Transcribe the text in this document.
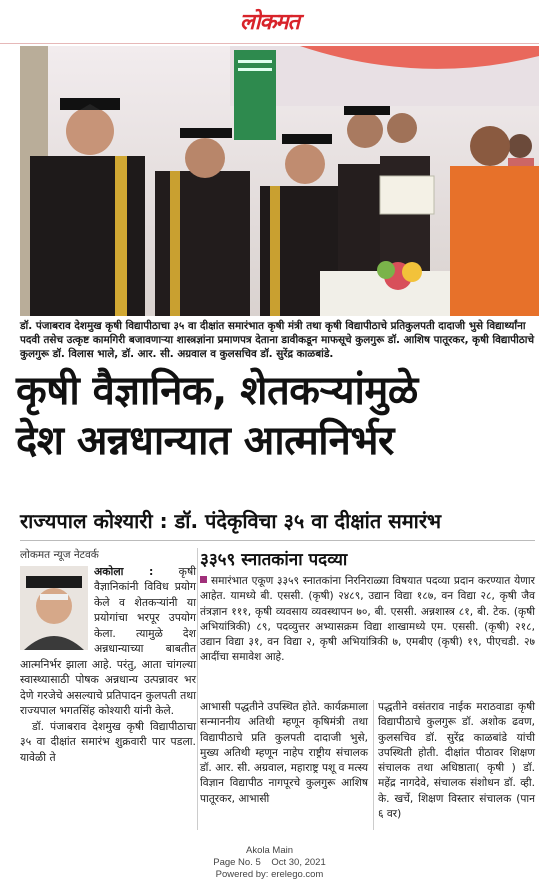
लोकमत
डॉ. पंजाबराव देशमुख कृषी विद्यापीठाचा ३५ वा दीक्षांत समारंभात कृषी मंत्री तथा कृषी विद्यापीठाचे प्रतिकुलपती दादाजी भुसे विद्यार्थ्यांना पदवी तसेच उत्कृष्ट कामगिरी बजावणाऱ्या शास्त्रज्ञांना प्रमाणपत्र देताना डावीकडून माफसूचे कुलगुरू डॉ. आशिष पातूरकर, कृषी विद्यापीठाचे कुलगुरू डॉ. विलास भाले, डॉ. आर. सी. अग्रवाल व कुलसचिव डॉ. सुरेंद्र काळबांडे.
कृषी वैज्ञानिक, शेतकऱ्यांमुळे
देश अन्नधान्यात आत्मनिर्भर
राज्यपाल कोश्यारी : डॉ. पंदेकृविचा ३५ वा दीक्षांत समारंभ
लोकमत न्यूज नेटवर्क
अकोला : कृषी वैज्ञानिकांनी विविध प्रयोग केले व शेतकऱ्यांनी या प्रयोगांचा भरपूर उपयोग केला. त्यामुळे देश अन्नधान्याच्या बाबतीत आत्मनिर्भर झाला आहे. परंतु, आता चांगल्या स्वास्थ्यासाठी पोषक अन्नधान्य उत्पन्नावर भर देणे गरजेचे असल्याचे प्रतिपादन कुलपती तथा राज्यपाल भगतसिंह कोश्यारी यांनी केले.
डॉ. पंजाबराव देशमुख कृषी विद्यापीठाचा ३५ वा दीक्षांत समारंभ शुक्रवारी पार पडला. यावेळी ते
३३५९ स्नातकांना पदव्या
समारंभात एकूण ३३५९ स्नातकांना निरनिराळ्या विषयात पदव्या प्रदान करण्यात येणार आहेत. यामध्ये बी. एससी. (कृषी) २४८९, उद्यान विद्या १८७, वन विद्या २८, कृषी जैव तंत्रज्ञान १११, कृषी व्यवसाय व्यवस्थापन ७०, बी. एससी. अन्नशास्त्र ८१, बी. टेक. (कृषी अभियांत्रिकी) ८९, पदव्युत्तर अभ्यासक्रम विद्या शाखामध्ये एम. एससी. (कृषी) २१८, उद्यान विद्या ३१, वन विद्या २, कृषी अभियांत्रिकी ७, एमबीए (कृषी) १९, पीएचडी. २७ आदींचा समावेश आहे.
आभासी पद्धतीने उपस्थित होते. कार्यक्रमाला सन्माननीय अतिथी म्हणून कृषिमंत्री तथा विद्यापीठाचे प्रति कुलपती दादाजी भुसे, मुख्य अतिथी म्हणून नाहेप राष्ट्रीय संचालक डॉ. आर. सी. अग्रवाल, महाराष्ट्र पशू व मत्स्य विज्ञान विद्यापीठ नागपूरचे कुलगुरू आशिष पातूरकर, आभासी
पद्धतीने वसंतराव नाईक मराठवाडा कृषी विद्यापीठाचे कुलगुरू डॉ. अशोक ढवण, कुलसचिव डॉ. सुरेंद्र काळबांडे यांची उपस्थिती होती. दीक्षांत पीठावर शिक्षण संचालक तथा अधिष्ठाता( कृषी ) डॉ. महेंद्र नागदेवे, संचालक संशोधन डॉ. व्ही. के. खर्चे, शिक्षण विस्तार संचालक (पान ६ वर)
Akola Main
Page No. 5 Oct 30, 2021
Powered by: erelego.com
